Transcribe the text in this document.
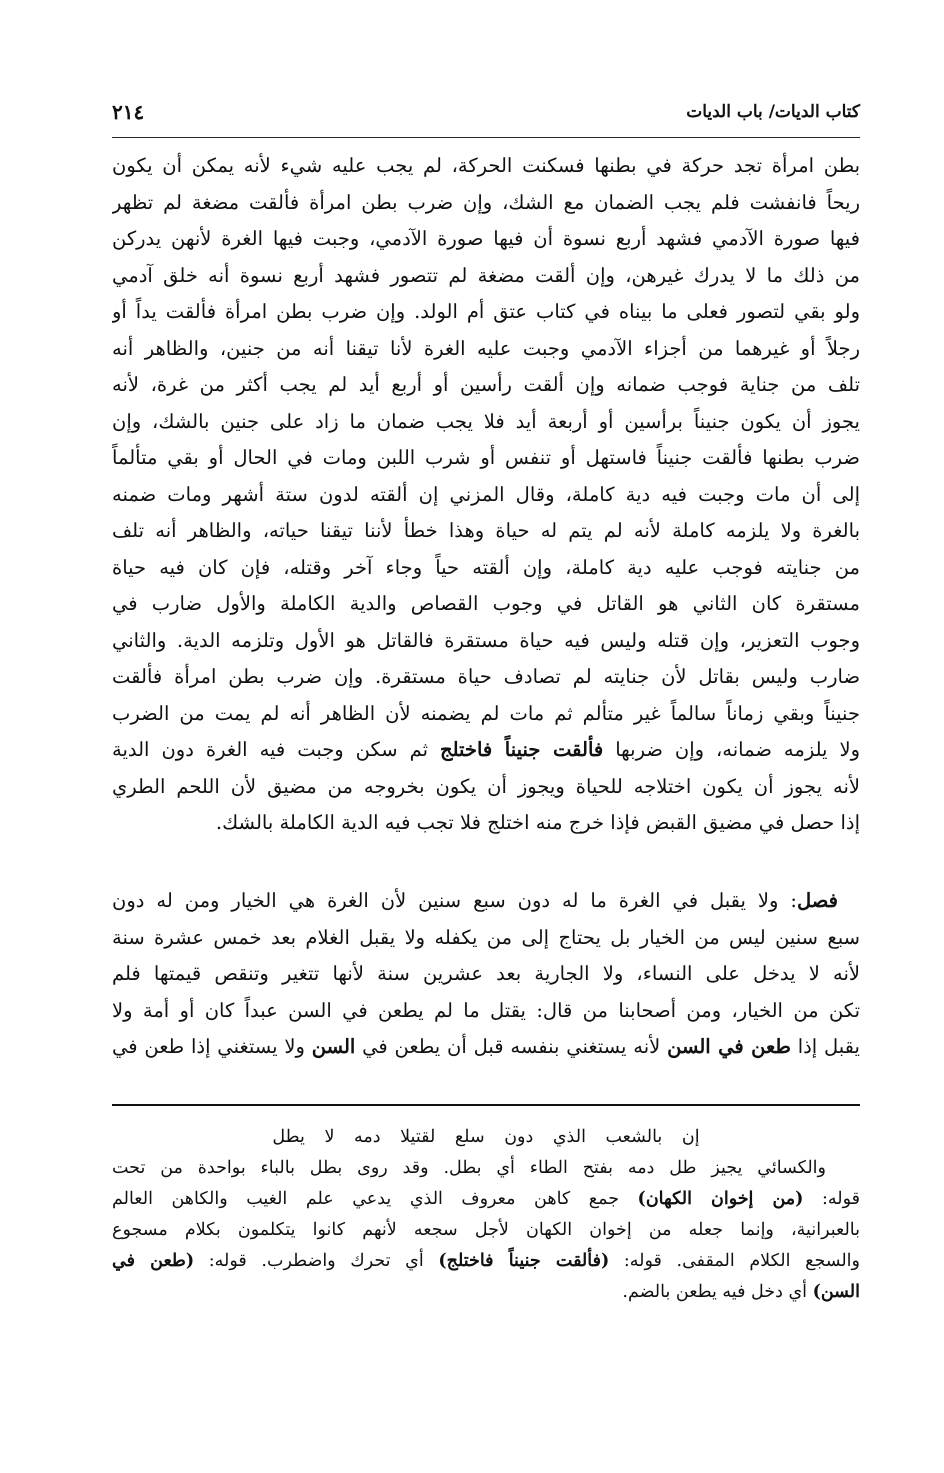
٢١٤	كتاب الديات/ باب الديات
بطن امرأة تجد حركة في بطنها فسكنت الحركة، لم يجب عليه شيء لأنه يمكن أن يكون
ريحاً فانفشت فلم يجب الضمان مع الشك، وإن ضرب بطن امرأة فألقت مضغة لم تظهر
فيها صورة الآدمي فشهد أربع نسوة أن فيها صورة الآدمي، وجبت فيها الغرة لأنهن يدركن
من ذلك ما لا يدرك غيرهن، وإن ألقت مضغة لم تتصور فشهد أربع نسوة أنه خلق آدمي
ولو بقي لتصور فعلى ما بيناه في كتاب عتق أم الولد. وإن ضرب بطن امرأة فألقت يداً أو
رجلاً أو غيرهما من أجزاء الآدمي وجبت عليه الغرة لأنا تيقنا أنه من جنين، والظاهر أنه
تلف من جناية فوجب ضمانه وإن ألقت رأسين أو أربع أيد لم يجب أكثر من غرة، لأنه
يجوز أن يكون جنيناً برأسين أو أربعة أيد فلا يجب ضمان ما زاد على جنين بالشك، وإن
ضرب بطنها فألقت جنيناً فاستهل أو تنفس أو شرب اللبن ومات في الحال أو بقي متألماً
إلى أن مات وجبت فيه دية كاملة، وقال المزني إن ألقته لدون ستة أشهر ومات ضمنه
بالغرة ولا يلزمه كاملة لأنه لم يتم له حياة وهذا خطأ لأننا تيقنا حياته، والظاهر أنه تلف
من جنايته فوجب عليه دية كاملة، وإن ألقته حياً وجاء آخر وقتله، فإن كان فيه حياة
مستقرة كان الثاني هو القاتل في وجوب القصاص والدية الكاملة والأول ضارب في
وجوب التعزير، وإن قتله وليس فيه حياة مستقرة فالقاتل هو الأول وتلزمه الدية. والثاني
ضارب وليس بقاتل لأن جنايته لم تصادف حياة مستقرة. وإن ضرب بطن امرأة فألقت
جنيناً وبقي زماناً سالماً غير متألم ثم مات لم يضمنه لأن الظاهر أنه لم يمت من الضرب
ولا يلزمه ضمانه، وإن ضربها فألقت جنيناً فاختلج ثم سكن وجبت فيه الغرة دون الدية
لأنه يجوز أن يكون اختلاجه للحياة ويجوز أن يكون بخروجه من مضيق لأن اللحم الطري
إذا حصل في مضيق القبض فإذا خرج منه اختلج فلا تجب فيه الدية الكاملة بالشك.
فصل: ولا يقبل في الغرة ما له دون سبع سنين لأن الغرة هي الخيار ومن له دون
سبع سنين ليس من الخيار بل يحتاج إلى من يكفله ولا يقبل الغلام بعد خمس عشرة سنة
لأنه لا يدخل على النساء، ولا الجارية بعد عشرين سنة لأنها تتغير وتنقص قيمتها فلم
تكن من الخيار، ومن أصحابنا من قال: يقتل ما لم يطعن في السن عبداً كان أو أمة ولا
يقبل إذا طعن في السن لأنه يستغني بنفسه قبل أن يطعن في السن ولا يستغني إذا طعن في
إن بالشعب الذي دون سلع لقتيلا دمه لا يطل
والكسائي يجيز طل دمه بفتح الطاء أي بطل. وقد روى بطل بالباء بواحدة من تحت
قوله: (من إخوان الكهان) جمع كاهن معروف الذي يدعي علم الغيب والكاهن العالم
بالعبرانية، وإنما جعله من إخوان الكهان لأجل سجعه لأنهم كانوا يتكلمون بكلام مسجوع
والسجع الكلام المقفى. قوله: (فألقت جنيناً فاختلج) أي تحرك واضطرب. قوله: (طعن في
السن) أي دخل فيه يطعن بالضم.
